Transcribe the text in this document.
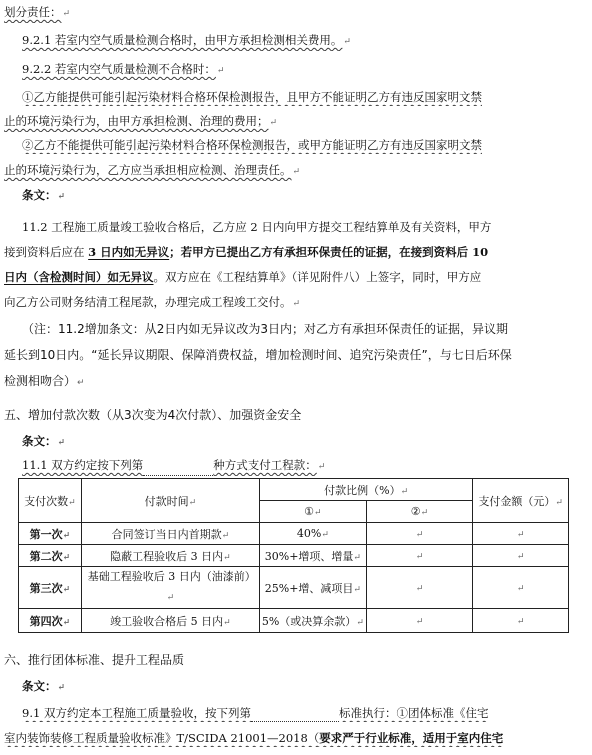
划分责任：↵
9.2.1 若室内空气质量检测合格时，由甲方承担检测相关费用。↵
9.2.2 若室内空气质量检测不合格时：↵
①乙方能提供可能引起污染材料合格环保检测报告，且甲方不能证明乙方有违反国家明文禁
止的环境污染行为，由甲方承担检测、治理的费用；↵
②乙方不能提供可能引起污染材料合格环保检测报告，或甲方能证明乙方有违反国家明文禁
止的环境污染行为，乙方应当承担相应检测、治理责任。↵
条文：↵
11.2 工程施工质量竣工验收合格后，乙方应 2 日内向甲方提交工程结算单及有关资料，甲方
接到资料后应在 3 日内如无异议；若甲方已提出乙方有承担环保责任的证据，在接到资料后 10
日内（含检测时间）如无异议。双方应在《工程结算单》（详见附件八）上签字，同时，甲方应
向乙方公司财务结清工程尾款，办理完成工程竣工交付。↵
（注：11.2增加条文：从2日内如无异议改为3日内；对乙方有承担环保责任的证据，异议期
延长到10日内。“延长异议期限、保障消费权益，增加检测时间、追究污染责任”，与七日后环保
检测相吻合）↵
五、增加付款次数（从3次变为4次付款）、加强资金安全
条文：↵
11.1 双方约定按下列第	种方式支付工程款：↵
支付次数↵	付款时间↵	付款比例（%）↵		支付金额（元）↵
		①↵	②↵	
第一次↵	合同签订当日内首期款↵	40%↵	↵	↵
第二次↵	隐蔽工程验收后 3 日内↵	30%+增项、增量↵	↵	↵
第三次↵	基础工程验收后 3 日内（油漆前）↵	25%+增、减项目↵	↵	↵
第四次↵	竣工验收合格后 5 日内↵	5%（或决算余款）↵	↵	↵
六、推行团体标准、提升工程品质
条文：↵
9.1 双方约定本工程施工质量验收，按下列第	标准执行：①团体标准《住宅
室内装饰装修工程质量验收标准》T/SCIDA 21001—2018（要求严于行业标准，适用于室内住宅
